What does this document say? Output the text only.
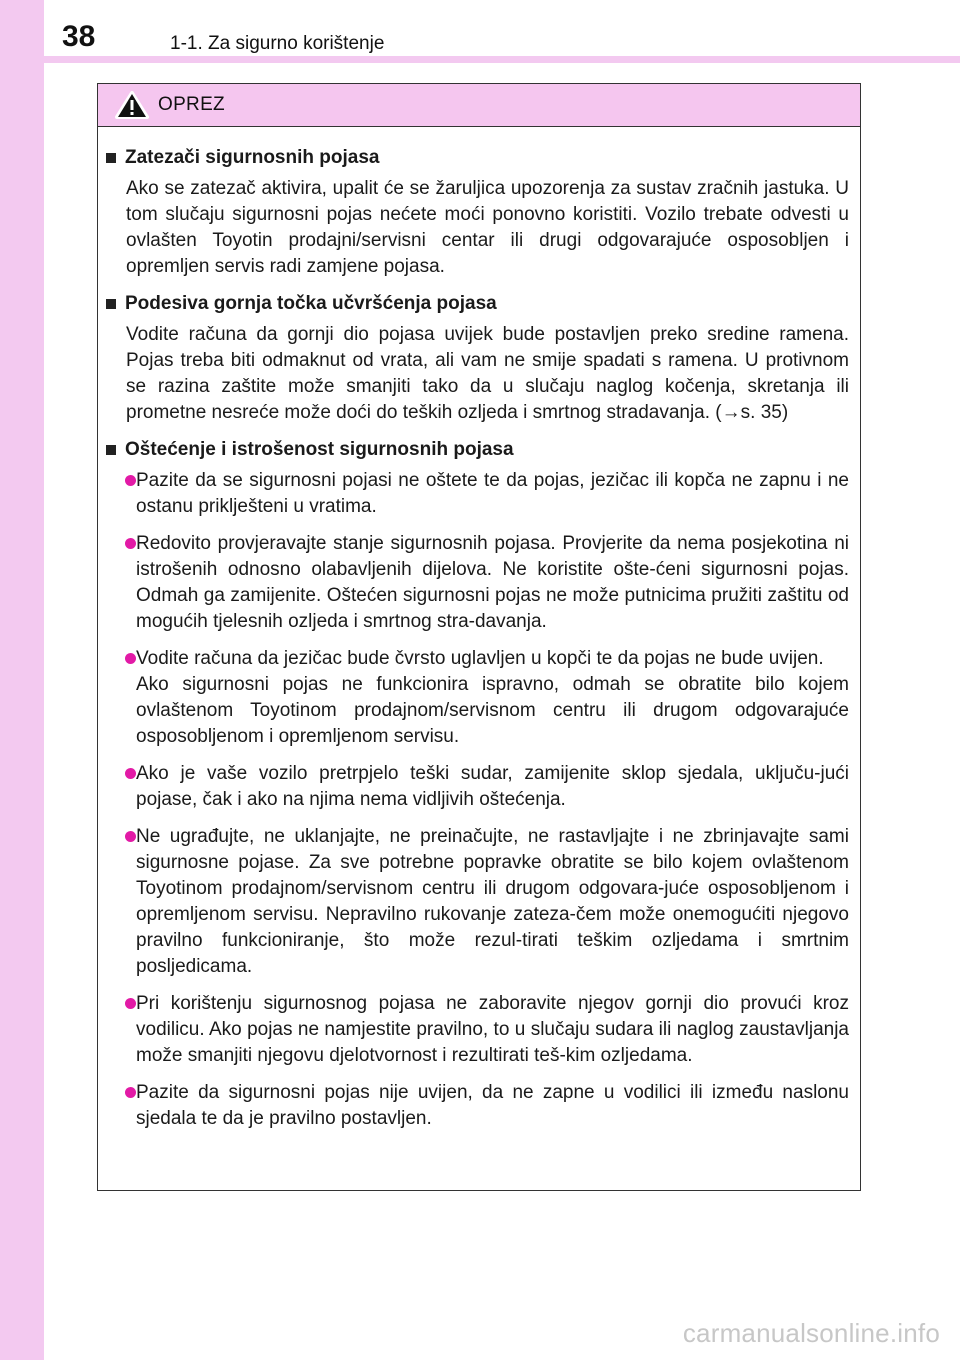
38	1-1. Za sigurno korištenje
OPREZ
Zatezači sigurnosnih pojasa
Ako se zatezač aktivira, upalit će se žaruljica upozorenja za sustav zračnih jastuka. U tom slučaju sigurnosni pojas nećete moći ponovno koristiti. Vozilo trebate odvesti u ovlašten Toyotin prodajni/servisni centar ili drugi odgovarajuće osposobljen i opremljen servis radi zamjene pojasa.
Podesiva gornja točka učvršćenja pojasa
Vodite računa da gornji dio pojasa uvijek bude postavljen preko sredine ramena. Pojas treba biti odmaknut od vrata, ali vam ne smije spadati s ramena. U protivnom se razina zaštite može smanjiti tako da u slučaju naglog kočenja, skretanja ili prometne nesreće može doći do teških ozljeda i smrtnog stradavanja. (→s. 35)
Oštećenje i istrošenost sigurnosnih pojasa
Pazite da se sigurnosni pojasi ne oštete te da pojas, jezičac ili kopča ne zapnu i ne ostanu priklješteni u vratima.
Redovito provjeravajte stanje sigurnosnih pojasa. Provjerite da nema posjekotina ni istrošenih odnosno olabavljenih dijelova. Ne koristite ošte-ćeni sigurnosni pojas. Odmah ga zamijenite. Oštećen sigurnosni pojas ne može putnicima pružiti zaštitu od mogućih tjelesnih ozljeda i smrtnog stra-davanja.
Vodite računa da jezičac bude čvrsto uglavljen u kopči te da pojas ne bude uvijen.
Ako sigurnosni pojas ne funkcionira ispravno, odmah se obratite bilo kojem ovlaštenom Toyotinom prodajnom/servisnom centru ili drugom odgovarajuće osposobljenom i opremljenom servisu.
Ako je vaše vozilo pretrpjelo teški sudar, zamijenite sklop sjedala, uključu-jući pojase, čak i ako na njima nema vidljivih oštećenja.
Ne ugrađujte, ne uklanjajte, ne preinačujte, ne rastavljajte i ne zbrinjavajte sami sigurnosne pojase. Za sve potrebne popravke obratite se bilo kojem ovlaštenom Toyotinom prodajnom/servisnom centru ili drugom odgovara-juće osposobljenom i opremljenom servisu. Nepravilno rukovanje zateza-čem može onemogućiti njegovo pravilno funkcioniranje, što može rezul-tirati teškim ozljedama i smrtnim posljedicama.
Pri korištenju sigurnosnog pojasa ne zaboravite njegov gornji dio provući kroz vodilicu. Ako pojas ne namjestite pravilno, to u slučaju sudara ili naglog zaustavljanja može smanjiti njegovu djelotvornost i rezultirati teš-kim ozljedama.
Pazite da sigurnosni pojas nije uvijen, da ne zapne u vodilici ili između naslonu sjedala te da je pravilno postavljen.
carmanualsonline.info
